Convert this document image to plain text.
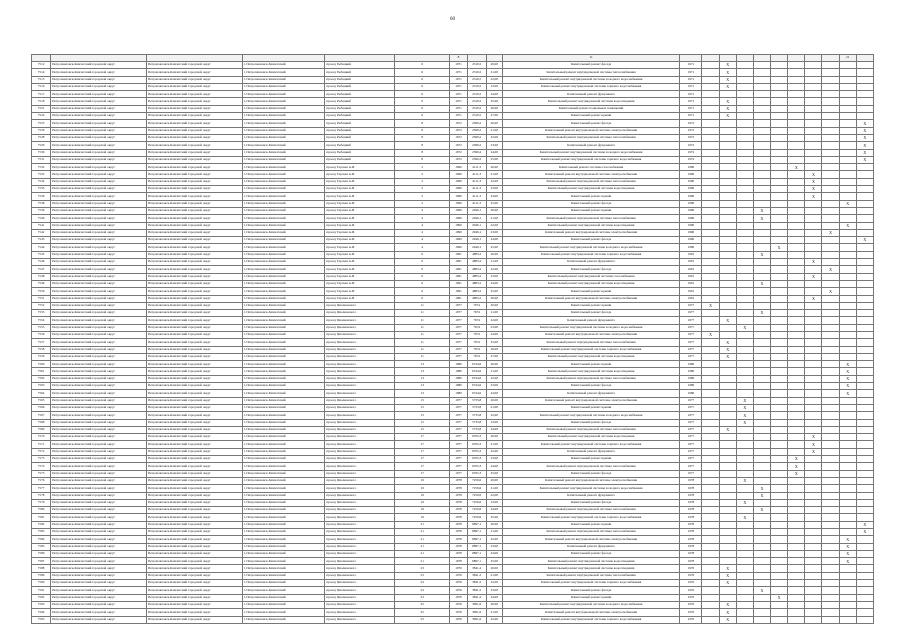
60
						8			11										21	
7512	Петропавловск-Камчатский городской округ	Петропавловск-Камчатский городской округ	г. Петропавловск-Камчатский	проезд Рыбацкий	6	1971	2316,5	20,00	Капитальный ремонт фасада	1971		X								
7514	Петропавловск-Камчатский городской округ	Петропавловск-Камчатский городской округ	г. Петропавловск-Камчатский	проезд Рыбацкий	6	1971	2316,5	21,00	Капитальный ремонт внутридомовой системы теплоснабжения	1971		X								
7515	Петропавловск-Камчатский городской округ	Петропавловск-Камчатский городской округ	г. Петропавловск-Камчатский	проезд Рыбацкий	6	1971	2316,5	22,00	Капитальный ремонт внутридомовой системы холодного водоснабжения	1971		X								
7516	Петропавловск-Камчатский городской округ	Петропавловск-Камчатский городской округ	г. Петропавловск-Камчатский	проезд Рыбацкий	6	1971	2316,5	23,00	Капитальный ремонт внутридомовой системы горячего водоснабжения	1971		X								
7517	Петропавловск-Камчатский городской округ	Петропавловск-Камчатский городской округ	г. Петропавловск-Камчатский	проезд Рыбацкий	6	1971	2316,5	24,00	Капитальный ремонт фундамента	1971										
7518	Петропавловск-Камчатский городской округ	Петропавловск-Камчатский городской округ	г. Петропавловск-Камчатский	проезд Рыбацкий	6	1971	2316,5	25,00	Капитальный ремонт внутридомовой системы водоотведения	1971		X								
7521	Петропавловск-Камчатский городской округ	Петропавловск-Камчатский городской округ	г. Петропавловск-Камчатский	проезд Рыбацкий	6	1971	2316,5	26,00	Капитальный ремонт подвальных помещений	1971		X								
7524	Петропавловск-Камчатский городской округ	Петропавловск-Камчатский городской округ	г. Петропавловск-Камчатский	проезд Рыбацкий	6	1971	2316,5	27,00	Капитальный ремонт крыши	1971		X								
7525	Петропавловск-Камчатский городской округ	Петропавловск-Камчатский городской округ	г. Петропавловск-Камчатский	проезд Рыбацкий	8	1972	2399,2	20,00	Капитальный ремонт фасада	1972										X
7526	Петропавловск-Камчатский городской округ	Петропавловск-Камчатский городской округ	г. Петропавловск-Камчатский	проезд Рыбацкий	8	1972	2399,2	21,00	Капитальный ремонт внутридомовой системы электроснабжения	1972										X
7528	Петропавловск-Камчатский городской округ	Петропавловск-Камчатский городской округ	г. Петропавловск-Камчатский	проезд Рыбацкий	8	1972	2399,2	22,00	Капитальный ремонт внутридомовой системы теплоснабжения	1972										X
7529	Петропавловск-Камчатский городской округ	Петропавловск-Камчатский городской округ	г. Петропавловск-Камчатский	проезд Рыбацкий	8	1972	2399,2	23,00	Капитальный ремонт фундамента	1972										X
7530	Петропавловск-Камчатский городской округ	Петропавловск-Камчатский городской округ	г. Петропавловск-Камчатский	проезд Рыбацкий	8	1972	2399,2	24,00	Капитальный ремонт внутридомовой системы холодного водоснабжения	1972										X
7531	Петропавловск-Камчатский городской округ	Петропавловск-Камчатский городской округ	г. Петропавловск-Камчатский	проезд Рыбацкий	8	1972	2399,2	25,00	Капитальный ремонт внутридомовой системы горячего водоснабжения	1972										X
7532	Петропавловск-Камчатский городской округ	Петропавловск-Камчатский городской округ	г. Петропавловск-Камчатский	проезд Тарская А.И.	2	1990	4111,3	20,00	Капитальный ремонт системы газоснабжения	1990						X				
7533	Петропавловск-Камчатский городской округ	Петропавловск-Камчатский городской округ	г. Петропавловск-Камчатский	проезд Тарская А.И.	2	1990	4111,3	21,00	Капитальный ремонт внутридомовой системы электроснабжения	1990							X			
7534	Петропавловск-Камчатский городской округ	Петропавловск-Камчатский городской округ	г. Петропавловск-Камчатский	проезд Тарская А.И.	2	1990	4111,3	22,00	Капитальный ремонт внутридомовой системы теплоснабжения	1990							X			
7535	Петропавловск-Камчатский городской округ	Петропавловск-Камчатский городской округ	г. Петропавловск-Камчатский	проезд Тарская А.И.	2	1990	4111,3	23,00	Капитальный ремонт внутридомовой системы водоотведения	1990							X			
7536	Петропавловск-Камчатский городской округ	Петропавловск-Камчатский городской округ	г. Петропавловск-Камчатский	проезд Тарская А.И.	2	1990	4111,3	24,00	Капитальный ремонт крыши	1990							X			
7538	Петропавловск-Камчатский городской округ	Петропавловск-Камчатский городской округ	г. Петропавловск-Камчатский	проезд Тарская А.И.	2	1990	4111,3	25,00	Капитальный ремонт фасада	1990									X	
7539	Петропавловск-Камчатский городской округ	Петропавловск-Камчатский городской округ	г. Петропавловск-Камчатский	проезд Тарская А.И.	4	1990	2946,1	20,00	Капитальный ремонт крыши	1990				X						
7540	Петропавловск-Камчатский городской округ	Петропавловск-Камчатский городской округ	г. Петропавловск-Камчатский	проезд Тарская А.И.	4	1990	2946,1	21,00	Капитальный ремонт внутридомовой системы теплоснабжения	1990				X						
7541	Петропавловск-Камчатский городской округ	Петропавловск-Камчатский городской округ	г. Петропавловск-Камчатский	проезд Тарская А.И.	4	1990	2946,1	22,00	Капитальный ремонт внутридомовой системы водоотведения	1990									X	
7542	Петропавловск-Камчатский городской округ	Петропавловск-Камчатский городской округ	г. Петропавловск-Камчатский	проезд Тарская А.И.	4	1990	2946,1	23,00	Капитальный ремонт внутридомовой системы электроснабжения	1990								X		
7543	Петропавловск-Камчатский городской округ	Петропавловск-Камчатский городской округ	г. Петропавловск-Камчатский	проезд Тарская А.И.	4	1990	2946,1	24,00	Капитальный ремонт фасада	1990										X
7544	Петропавловск-Камчатский городской округ	Петропавловск-Камчатский городской округ	г. Петропавловск-Камчатский	проезд Тарская А.И.	4	1990	2946,1	25,00	Капитальный ремонт внутридомовой системы холодного водоснабжения	1990					X					
7545	Петропавловск-Камчатский городской округ	Петропавловск-Камчатский городской округ	г. Петропавловск-Камчатский	проезд Тарская А.И.	6	1991	4883,2	20,00	Капитальный ремонт внутридомовой системы горячего водоснабжения	1991				X						
7546	Петропавловск-Камчатский городской округ	Петропавловск-Камчатский городской округ	г. Петропавловск-Камчатский	проезд Тарская А.И.	6	1991	4883,2	21,00	Капитальный ремонт фундамента	1991							X			
7547	Петропавловск-Камчатский городской округ	Петропавловск-Камчатский городской округ	г. Петропавловск-Камчатский	проезд Тарская А.И.	6	1991	4883,2	22,00	Капитальный ремонт фасада	1991								X		
7548	Петропавловск-Камчатский городской округ	Петропавловск-Камчатский городской округ	г. Петропавловск-Камчатский	проезд Тарская А.И.	6	1991	4883,2	23,00	Капитальный ремонт внутридомовой системы газоснабжения	1991							X			
7549	Петропавловск-Камчатский городской округ	Петропавловск-Камчатский городской округ	г. Петропавловск-Камчатский	проезд Тарская А.И.	6	1991	4883,2	24,00	Капитальный ремонт внутридомовой системы водоотведения	1991				X						
7550	Петропавловск-Камчатский городской округ	Петропавловск-Камчатский городской округ	г. Петропавловск-Камчатский	проезд Тарская А.И.	6	1991	4883,2	25,00	Капитальный ремонт крыши	1991								X		
7551	Петропавловск-Камчатский городской округ	Петропавловск-Камчатский городской округ	г. Петропавловск-Камчатский	проезд Тарская А.И.	6	1991	4883,2	26,00	Капитальный ремонт внутридомовой системы электроснабжения	1991							X			
7552	Петропавловск-Камчатский городской округ	Петропавловск-Камчатский городской округ	г. Петропавловск-Камчатский	проезд Циолковского	11	1977	7674	20,00	Капитальный ремонт крыши	1977	X									
7553	Петропавловск-Камчатский городской округ	Петропавловск-Камчатский городской округ	г. Петропавловск-Камчатский	проезд Циолковского	11	1977	7674	21,00	Капитальный ремонт фасада	1977				X						
7554	Петропавловск-Камчатский городской округ	Петропавловск-Камчатский городской округ	г. Петропавловск-Камчатский	проезд Циолковского	11	1977	7674	22,00	Капитальный ремонт фундамента	1977		X								
7555	Петропавловск-Камчатский городской округ	Петропавловск-Камчатский городской округ	г. Петропавловск-Камчатский	проезд Циолковского	11	1977	7674	23,00	Капитальный ремонт внутридомовой системы холодного водоснабжения	1977			X							
7556	Петропавловск-Камчатский городской округ	Петропавловск-Камчатский городской округ	г. Петропавловск-Камчатский	проезд Циолковского	11	1977	7674	24,00	Капитальный ремонт внутридомовой системы электроснабжения	1977	X									
7557	Петропавловск-Камчатский городской округ	Петропавловск-Камчатский городской округ	г. Петропавловск-Камчатский	проезд Циолковского	11	1977	7674	25,00	Капитальный ремонт внутридомовой системы теплоснабжения	1977		X								
7558	Петропавловск-Камчатский городской округ	Петропавловск-Камчатский городской округ	г. Петропавловск-Камчатский	проезд Циолковского	11	1977	7674	26,00	Капитальный ремонт внутридомовой системы горячего водоснабжения	1977		X								
7559	Петропавловск-Камчатский городской округ	Петропавловск-Камчатский городской округ	г. Петропавловск-Камчатский	проезд Циолковского	11	1977	7674	27,00	Капитальный ремонт внутридомовой системы водоотведения	1977		X								
7560	Петропавловск-Камчатский городской округ	Петропавловск-Камчатский городской округ	г. Петропавловск-Камчатский	проезд Циолковского	13	1980	6744,6	20,00	Капитальный ремонт крыши	1980									X	
7561	Петропавловск-Камчатский городской округ	Петропавловск-Камчатский городской округ	г. Петропавловск-Камчатский	проезд Циолковского	13	1980	6744,6	21,00	Капитальный ремонт внутридомовой системы водоотведения	1980									X	
7562	Петропавловск-Камчатский городской округ	Петропавловск-Камчатский городской округ	г. Петропавловск-Камчатский	проезд Циолковского	13	1980	6744,6	22,00	Капитальный ремонт внутридомовой системы теплоснабжения	1980									X	
7563	Петропавловск-Камчатский городской округ	Петропавловск-Камчатский городской округ	г. Петропавловск-Камчатский	проезд Циолковского	13	1980	6744,6	23,00	Капитальный ремонт фасада	1980									X	
7564	Петропавловск-Камчатский городской округ	Петропавловск-Камчатский городской округ	г. Петропавловск-Камчатский	проезд Циолковского	13	1980	6744,6	24,00	Капитальный ремонт фундамента	1980									X	
7565	Петропавловск-Камчатский городской округ	Петропавловск-Камчатский городской округ	г. Петропавловск-Камчатский	проезд Циолковского	15	1977	5733,8	20,00	Капитальный ремонт внутридомовой системы электроснабжения	1977			X							
7566	Петропавловск-Камчатский городской округ	Петропавловск-Камчатский городской округ	г. Петропавловск-Камчатский	проезд Циолковского	15	1977	5733,8	21,00	Капитальный ремонт крыши	1977			X							
7567	Петропавловск-Камчатский городской округ	Петропавловск-Камчатский городской округ	г. Петропавловск-Камчатский	проезд Циолковского	15	1977	5733,8	22,00	Капитальный ремонт внутридомовой системы холодного водоснабжения	1977			X							
7568	Петропавловск-Камчатский городской округ	Петропавловск-Камчатский городской округ	г. Петропавловск-Камчатский	проезд Циолковского	15	1977	5733,8	23,00	Капитальный ремонт фасада	1977			X							
7569	Петропавловск-Камчатский городской округ	Петропавловск-Камчатский городской округ	г. Петропавловск-Камчатский	проезд Циолковского	15	1977	5733,8	24,00	Капитальный ремонт внутридомовой системы теплоснабжения	1977		X								
7570	Петропавловск-Камчатский городской округ	Петропавловск-Камчатский городской округ	г. Петропавловск-Камчатский	проезд Циолковского	17	1977	6763,3	20,00	Капитальный ремонт внутридомовой системы водоотведения	1977							X			
7571	Петропавловск-Камчатский городской округ	Петропавловск-Камчатский городской округ	г. Петропавловск-Камчатский	проезд Циолковского	17	1977	6763,3	21,00	Капитальный ремонт внутридомовой системы горячего водоснабжения	1977							X			
7572	Петропавловск-Камчатский городской округ	Петропавловск-Камчатский городской округ	г. Петропавловск-Камчатский	проезд Циолковского	17	1977	6763,3	22,00	Капитальный ремонт фундамента	1977							X			
7573	Петропавловск-Камчатский городской округ	Петропавловск-Камчатский городской округ	г. Петропавловск-Камчатский	проезд Циолковского	17	1977	6763,3	23,00	Капитальный ремонт крыши	1977						X				
7574	Петропавловск-Камчатский городской округ	Петропавловск-Камчатский городской округ	г. Петропавловск-Камчатский	проезд Циолковского	17	1977	6763,3	24,00	Капитальный ремонт внутридомовой системы теплоснабжения	1977						X				
7575	Петропавловск-Камчатский городской округ	Петропавловск-Камчатский городской округ	г. Петропавловск-Камчатский	проезд Циолковского	17	1977	6763,3	25,00	Капитальный ремонт фасада	1977						X				
7576	Петропавловск-Камчатский городской округ	Петропавловск-Камчатский городской округ	г. Петропавловск-Камчатский	проезд Циолковского	19	1978	7259,6	20,00	Капитальный ремонт внутридомовой системы электроснабжения	1978			X							
7577	Петропавловск-Камчатский городской округ	Петропавловск-Камчатский городской округ	г. Петропавловск-Камчатский	проезд Циолковского	19	1978	7259,6	21,00	Капитальный ремонт внутридомовой системы холодного водоснабжения	1978				X						
7578	Петропавловск-Камчатский городской округ	Петропавловск-Камчатский городской округ	г. Петропавловск-Камчатский	проезд Циолковского	19	1978	7259,6	22,00	Капитальный ремонт фундамента	1978				X						
7579	Петропавловск-Камчатский городской округ	Петропавловск-Камчатский городской округ	г. Петропавловск-Камчатский	проезд Циолковского	19	1978	7259,6	23,00	Капитальный ремонт фасада	1978			X							
7580	Петропавловск-Камчатский городской округ	Петропавловск-Камчатский городской округ	г. Петропавловск-Камчатский	проезд Циолковского	19	1978	7259,6	24,00	Капитальный ремонт внутридомовой системы теплоснабжения	1978				X						
7581	Петропавловск-Камчатский городской округ	Петропавловск-Камчатский городской округ	г. Петропавловск-Камчатский	проезд Циолковского	19	1978	7259,6	25,00	Капитальный ремонт внутридомовой системы горячего водоснабжения	1978			X							
7582	Петропавловск-Камчатский городской округ	Петропавловск-Камчатский городской округ	г. Петропавловск-Камчатский	проезд Циолковского	21	1978	6897,1	20,00	Капитальный ремонт крыши	1978										X
7583	Петропавловск-Камчатский городской округ	Петропавловск-Камчатский городской округ	г. Петропавловск-Камчатский	проезд Циолковского	21	1978	6897,1	21,00	Капитальный ремонт внутридомовой системы теплоснабжения	1978										X
7584	Петропавловск-Камчатский городской округ	Петропавловск-Камчатский городской округ	г. Петропавловск-Камчатский	проезд Циолковского	21	1978	6897,1	22,00	Капитальный ремонт внутридомовой системы электроснабжения	1978									X	
7585	Петропавловск-Камчатский городской округ	Петропавловск-Камчатский городской округ	г. Петропавловск-Камчатский	проезд Циолковского	21	1978	6897,1	23,00	Капитальный ремонт фундамента	1978									X	
7586	Петропавловск-Камчатский городской округ	Петропавловск-Камчатский городской округ	г. Петропавловск-Камчатский	проезд Циолковского	21	1978	6897,1	24,00	Капитальный ремонт фасада	1978									X	
7587	Петропавловск-Камчатский городской округ	Петропавловск-Камчатский городской округ	г. Петропавловск-Камчатский	проезд Циолковского	21	1978	6897,1	25,00	Капитальный ремонт внутридомовой системы водоотведения	1978									X	
7588	Петропавловск-Камчатский городской округ	Петропавловск-Камчатский городской округ	г. Петропавловск-Камчатский	проезд Циолковского	23	1976	3841,2	20,00	Капитальный ремонт внутридомовой системы водоотведения	1976		X								
7589	Петропавловск-Камчатский городской округ	Петропавловск-Камчатский городской округ	г. Петропавловск-Камчатский	проезд Циолковского	23	1976	3841,2	21,00	Капитальный ремонт внутридомовой системы теплоснабжения	1976		X								
7590	Петропавловск-Камчатский городской округ	Петропавловск-Камчатский городской округ	г. Петропавловск-Камчатский	проезд Циолковского	23	1976	3841,2	22,00	Капитальный ремонт внутридомовой системы горячего водоснабжения	1976		X								
7591	Петропавловск-Камчатский городской округ	Петропавловск-Камчатский городской округ	г. Петропавловск-Камчатский	проезд Циолковского	23	1976	3841,2	23,00	Капитальный ремонт фасада	1976				X						
7592	Петропавловск-Камчатский городской округ	Петропавловск-Камчатский городской округ	г. Петропавловск-Камчатский	проезд Циолковского	23	1976	3841,2	24,00	Капитальный ремонт крыши	1976					X					
7593	Петропавловск-Камчатский городской округ	Петропавловск-Камчатский городской округ	г. Петропавловск-Камчатский	проезд Циолковского	25	1976	3991,6	20,00	Капитальный ремонт внутридомовой системы холодного водоснабжения	1976		X								
7594	Петропавловск-Камчатский городской округ	Петропавловск-Камчатский городской округ	г. Петропавловск-Камчатский	проезд Циолковского	25	1976	3991,6	21,00	Капитальный ремонт внутридомовой системы электроснабжения	1976		X								
7595	Петропавловск-Камчатский городской округ	Петропавловск-Камчатский городской округ	г. Петропавловск-Камчатский	проезд Циолковского	25	1976	3991,6	22,00	Капитальный ремонт внутридомовой системы горячего водоснабжения	1976		X								
